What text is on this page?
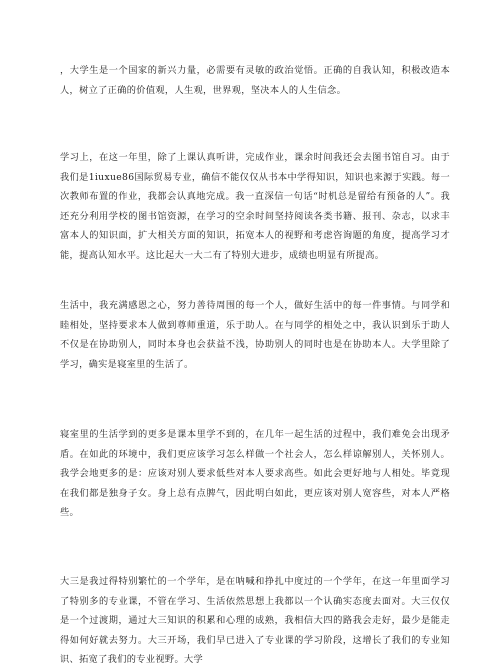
，大学生是一个国家的新兴力量，必需要有灵敏的政治觉悟。正确的自我认知，积极改造本人，树立了正确的价值观，人生观，世界观，坚决本人的人生信念。

学习上，在这一年里，除了上课认真听讲，完成作业，课余时间我还会去图书馆自习。由于我们是1iuxue86国际贸易专业，确信不能仅仅从书本中学得知识，知识也来源于实践。每一次教师布置的作业，我都会认真地完成。我一直深信一句话“时机总是留给有预备的人”。我还充分利用学校的图书馆资源，在学习的空余时间坚持阅读各类书籍、报刊、杂志，以求丰富本人的知识面，扩大相关方面的知识，拓宽本人的视野和考虑咨询题的角度，提高学习才能，提高认知水平。这比起大一大二有了特别大进步，成绩也明显有所提高。

生活中，我充满感恩之心，努力善待周围的每一个人，做好生活中的每一件事情。与同学和睦相处，坚持要求本人做到尊师重道，乐于助人。在与同学的相处之中，我认识到乐于助人不仅是在协助别人，同时本身也会获益不浅，协助别人的同时也是在协助本人。大学里除了学习，确实是寝室里的生活了。

寝室里的生活学到的更多是课本里学不到的，在几年一起生活的过程中，我们难免会出现矛盾。在如此的环境中，我们更应该学习怎么样做一个社会人，怎么样谅解别人，关怀别人。我学会地更多的是：应该对别人要求低些对本人要求高些。如此会更好地与人相处。毕竟现在我们都是独身子女。身上总有点脾气，因此明白如此，更应该对别人宽容些，对本人严格些。

大三是我过得特别繁忙的一个学年，是在呐喊和挣扎中度过的一个学年，在这一年里面学习了特别多的专业课，不管在学习、生活依然思想上我都以一个认确实态度去面对。大三仅仅是一个过渡期，通过大三知识的积累和心理的成熟，我相信大四的路我会走好，最少是能走得如何好就去努力。大三开场，我们早已进入了专业课的学习阶段，这增长了我们的专业知识、拓宽了我们的专业视野。大学
